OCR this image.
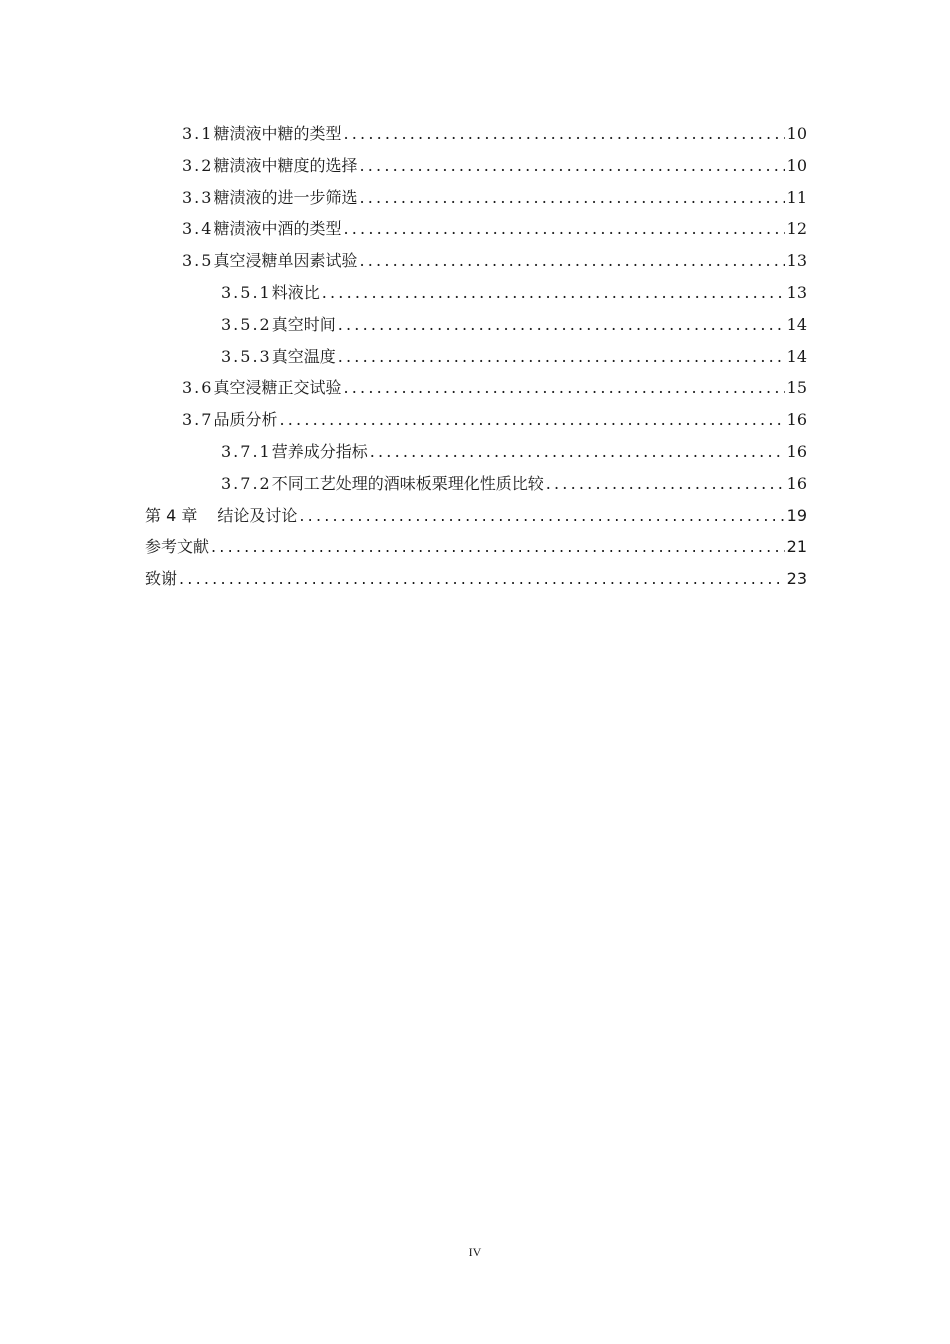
3.1 糖渍液中糖的类型 .....	10
3.2 糖渍液中糖度的选择 .....	10
3.3 糖渍液的进一步筛选 .....	11
3.4 糖渍液中酒的类型 .....	12
3.5 真空浸糖单因素试验 .....	13
3.5.1 料液比 .....	13
3.5.2 真空时间 .....	14
3.5.3 真空温度 .....	14
3.6 真空浸糖正交试验 .....	15
3.7 品质分析 .....	16
3.7.1 营养成分指标 .....	16
3.7.2 不同工艺处理的酒味板栗理化性质比较 .....	16
第 4 章 结论及讨论 .....	19
参考文献 .....	21
致谢 .....	23
IV
